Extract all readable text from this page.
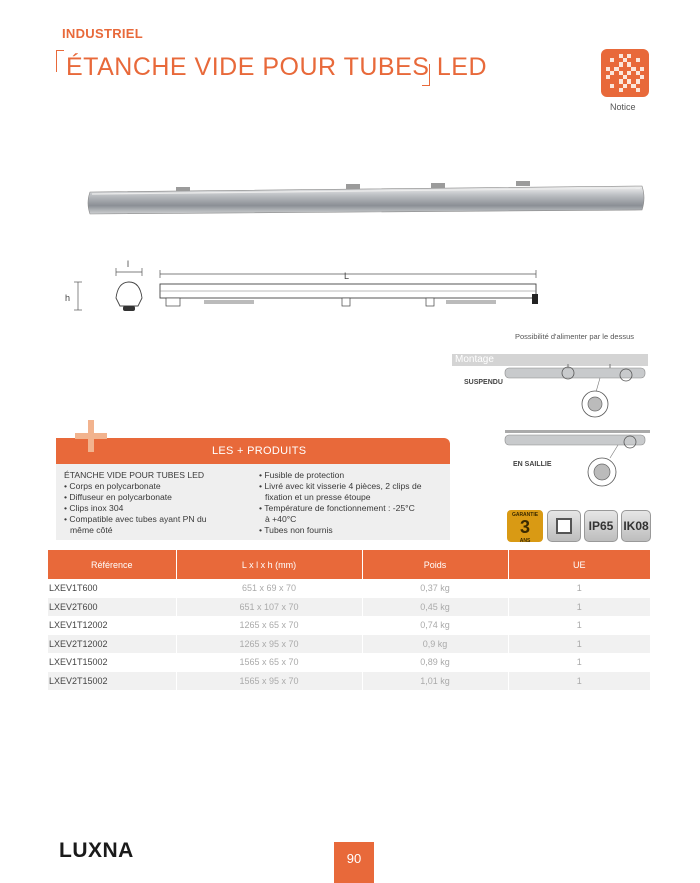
INDUSTRIEL
ÉTANCHE VIDE POUR TUBES LED
Notice
L
l
h
Possibilité d'alimenter par le dessus
Montage
SUSPENDU
EN SAILLIE
LES + PRODUITS
ÉTANCHE VIDE POUR TUBES LED
• Corps en polycarbonate
• Diffuseur en polycarbonate
• Clips inox 304
• Compatible avec tubes ayant PN du
même côté
• Fusible de protection
• Livré avec kit visserie 4 pièces, 2 clips de
fixation et un presse étoupe
• Température de fonctionnement : -25°C
à +40°C
• Tubes non fournis
GARANTIE
3
ANS
IP65 IK08
Référence	L x l x h (mm)	Poids	UE
LXEV1T600	651 x 69 x 70	0,37 kg	1
LXEV2T600	651 x 107 x 70	0,45 kg	1
LXEV1T12002	1265 x 65 x 70	0,74 kg	1
LXEV2T12002	1265 x 95 x 70	0,9 kg	1
LXEV1T15002	1565 x 65 x 70	0,89 kg	1
LXEV2T15002	1565 x 95 x 70	1,01 kg	1
LUXNA	90
